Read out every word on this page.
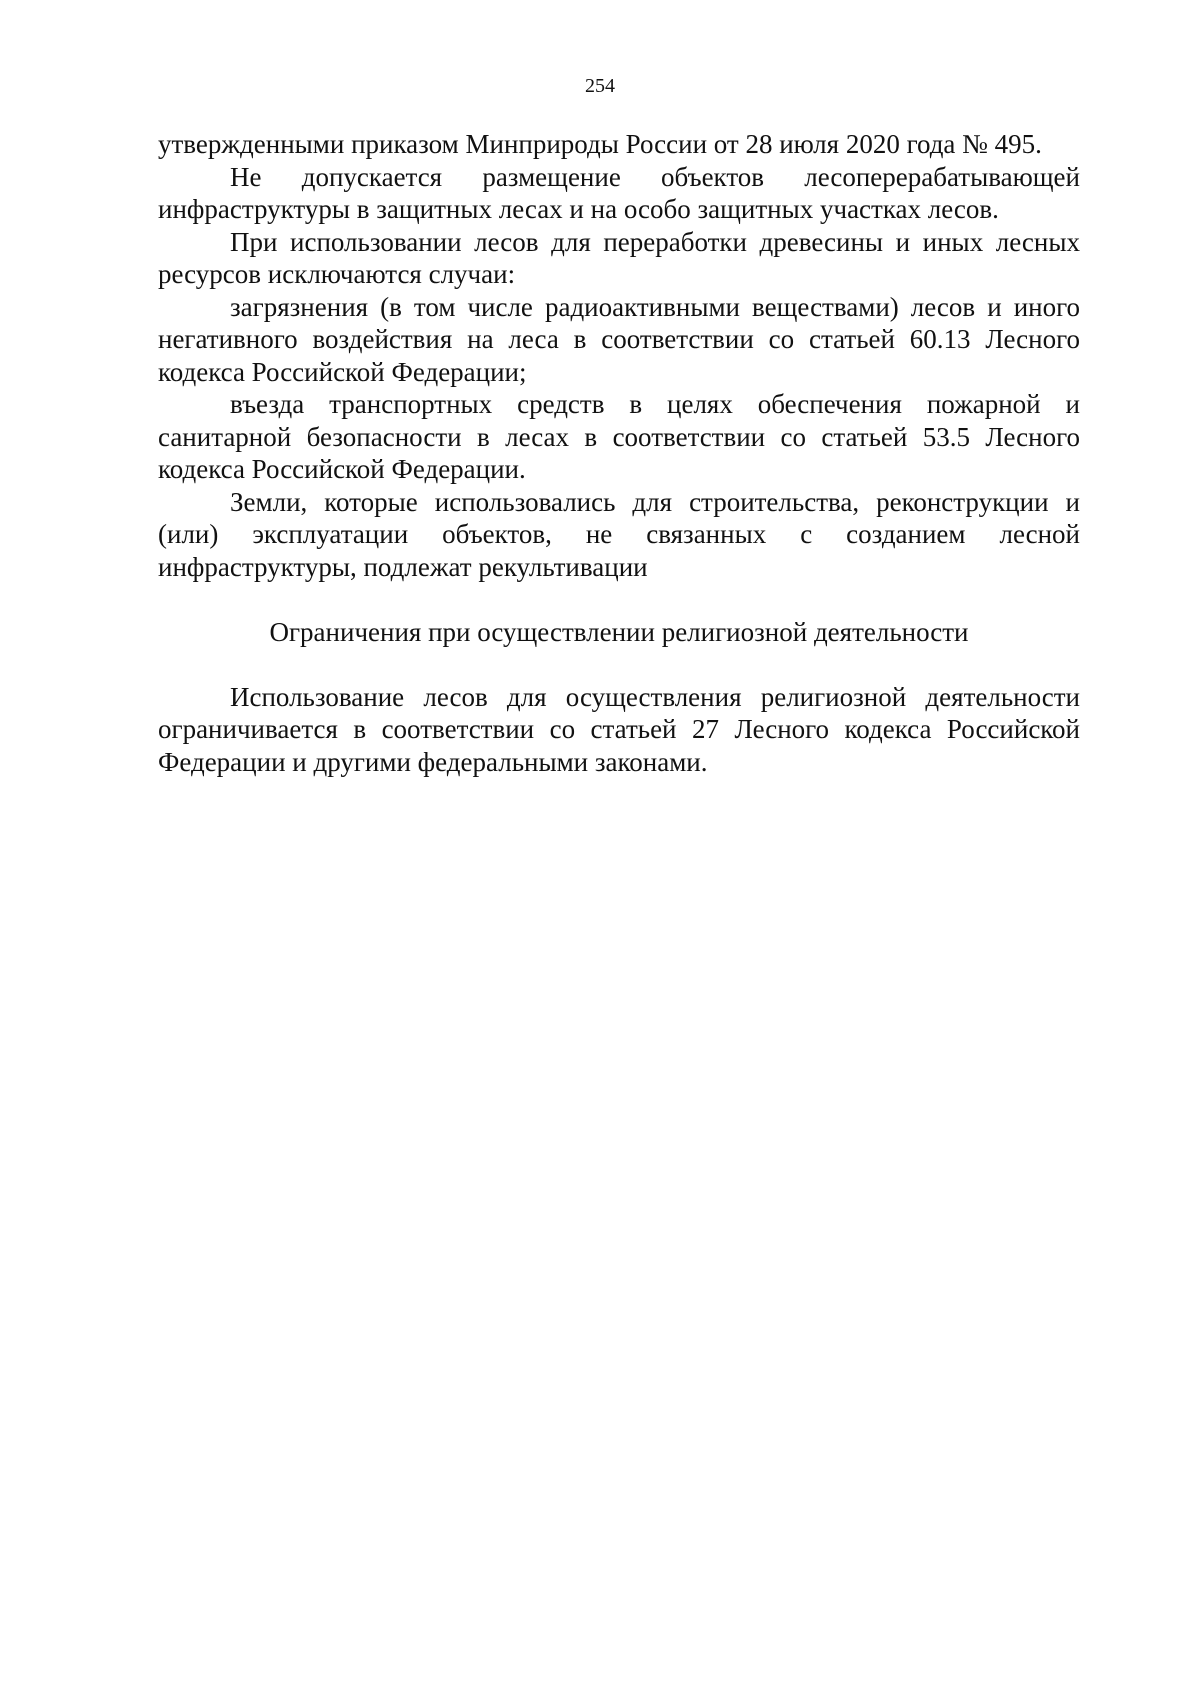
254

утвержденными приказом Минприроды России от 28 июля 2020 года № 495.

Не допускается размещение объектов лесоперерабатывающей инфраструктуры в защитных лесах и на особо защитных участках лесов.

При использовании лесов для переработки древесины и иных лесных ресурсов исключаются случаи:

загрязнения (в том числе радиоактивными веществами) лесов и иного негативного воздействия на леса в соответствии со статьей 60.13 Лесного кодекса Российской Федерации;

въезда транспортных средств в целях обеспечения пожарной и санитарной безопасности в лесах в соответствии со статьей 53.5 Лесного кодекса Российской Федерации.

Земли, которые использовались для строительства, реконструкции и (или) эксплуатации объектов, не связанных с созданием лесной инфраструктуры, подлежат рекультивации

Ограничения при осуществлении религиозной деятельности

Использование лесов для осуществления религиозной деятельности ограничивается в соответствии со статьей 27 Лесного кодекса Российской Федерации и другими федеральными законами.
